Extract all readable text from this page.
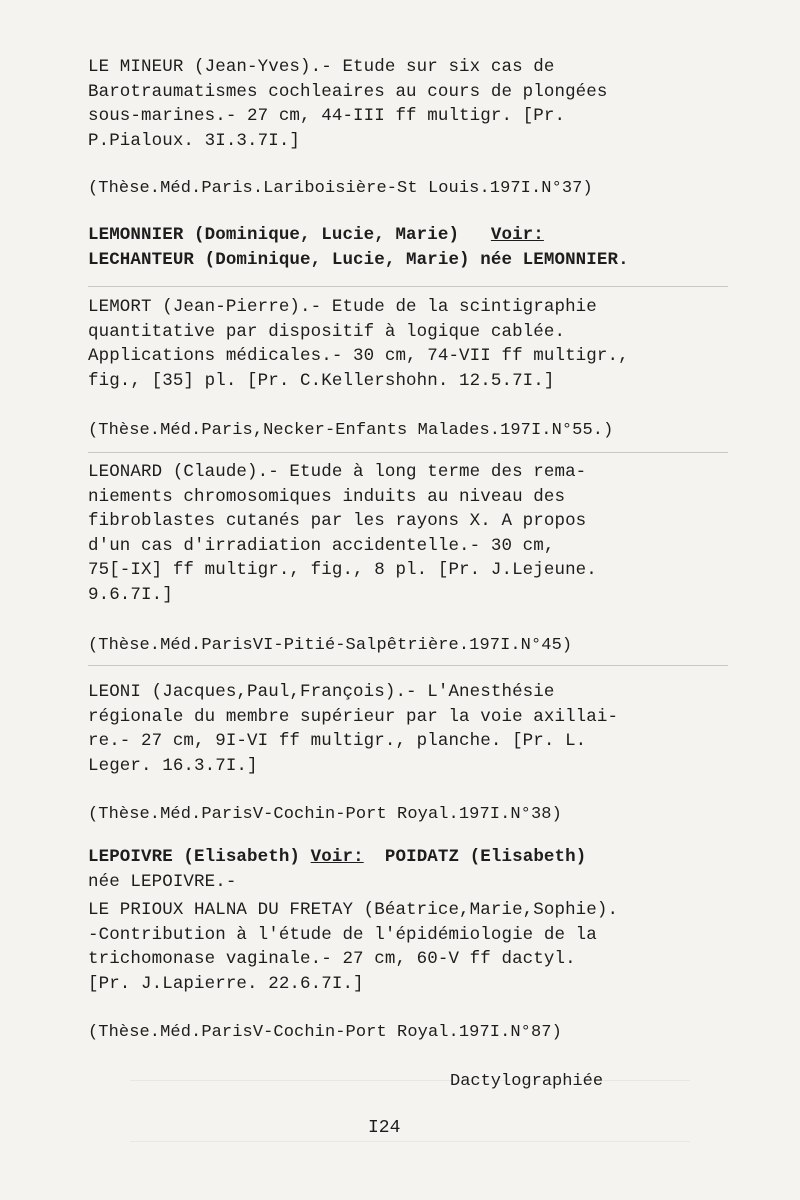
LE MINEUR (Jean-Yves).- Etude sur six cas de
Barotraumatismes cochleaires au cours de plongées
sous-marines.- 27 cm, 44-III ff multigr. [Pr.
P.Pialoux. 3I.3.7I.]
(Thèse.Méd.Paris.Lariboisière-St Louis.197I.N°37)
LEMONNIER (Dominique, Lucie, Marie) Voir:
LECHANTEUR (Dominique, Lucie, Marie) née LEMONNIER.
LEMORT (Jean-Pierre).- Etude de la scintigraphie
quantitative par dispositif à logique cablée.
Applications médicales.- 30 cm, 74-VII ff multigr.,
fig., [35] pl. [Pr. C.Kellershohn. 12.5.7I.]
(Thèse.Méd.Paris,Necker-Enfants Malades.197I.N°55.)
LEONARD (Claude).- Etude à long terme des rema-
niements chromosomiques induits au niveau des
fibroblastes cutanés par les rayons X. A propos
d'un cas d'irradiation accidentelle.- 30 cm,
75[-IX] ff multigr., fig., 8 pl. [Pr. J.Lejeune.
9.6.7I.]
(Thèse.Méd.ParisVI-Pitié-Salpêtrière.197I.N°45)
LEONI (Jacques,Paul,François).- L'Anesthésie
régionale du membre supérieur par la voie axillai-
re.- 27 cm, 9I-VI ff multigr., planche. [Pr. L.
Leger. 16.3.7I.]
(Thèse.Méd.ParisV-Cochin-Port Royal.197I.N°38)
LEPOIVRE (Elisabeth) Voir: POIDATZ (Elisabeth)
née LEPOIVRE.-
LE PRIOUX HALNA DU FRETAY (Béatrice,Marie,Sophie).
-Contribution à l'étude de l'épidémiologie de la
trichomonase vaginale.- 27 cm, 60-V ff dactyl.
[Pr. J.Lapierre. 22.6.7I.]
(Thèse.Méd.ParisV-Cochin-Port Royal.197I.N°87)
Dactylographiée
I24
